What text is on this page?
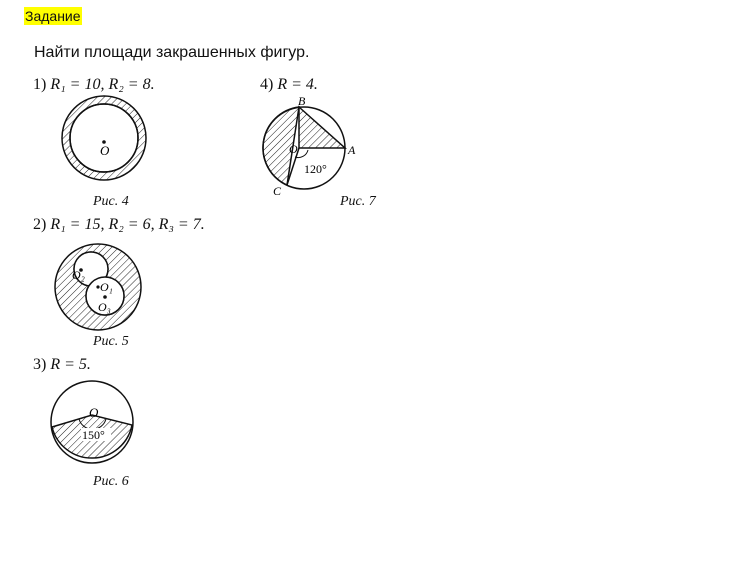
Задание
Найти площади закрашенных фигур.
1) R₁ = 10, R₂ = 8.
O
Рис. 4
2) R₁ = 15, R₂ = 6, R₃ = 7.
O₂
O₁
O₃
Рис. 5
3) R = 5.
O
150°
Рис. 6
4) R = 4.
B
A
C
O
120°
Рис. 7
